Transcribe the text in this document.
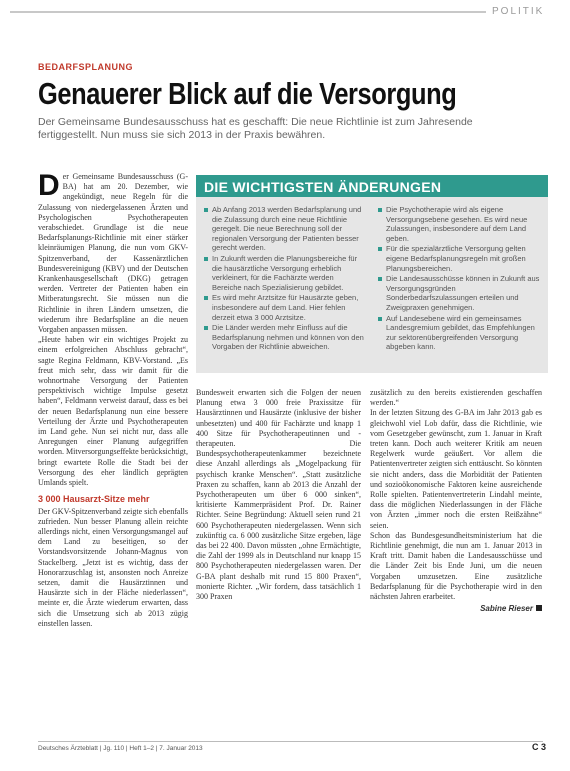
POLITIK
BEDARFSPLANUNG
Genauerer Blick auf die Versorgung
Der Gemeinsame Bundesausschuss hat es geschafft: Die neue Richtlinie ist zum Jahresende fertiggestellt. Nun muss sie sich 2013 in der Praxis bewähren.
D er Gemeinsame Bundesausschuss (G-BA) hat am 20. Dezember, wie angekündigt, neue Regeln für die Zulassung von niedergelassenen Ärzten und Psychologischen Psychotherapeuten verabschiedet. Grundlage ist die neue Bedarfsplanungs-Richtlinie mit einer stärker kleinräumigen Planung, die nun vom GKV-Spitzenverband, der Kassenärztlichen Bundesvereinigung (KBV) und der Deutschen Krankenhausgesellschaft (DKG) getragen werden. Vertreter der Patienten haben ein Mitberatungsrecht. Sie müssen nun die Richtlinie in ihren Ländern umsetzen, die wiederum ihre Bedarfspläne an die neuen Vorgaben anpassen müssen.

„Heute haben wir ein wichtiges Projekt zu einem erfolgreichen Abschluss gebracht“, sagte Regina Feldmann, KBV-Vorstand. „Es freut mich sehr, dass wir damit für die wohnortnahe Versorgung der Patienten perspektivisch wichtige Impulse gesetzt haben“, Feldmann verweist darauf, dass es bei der neuen Bedarfsplanung nun eine bessere Verteilung der Ärzte und Psychotherapeuten im Land gehe. Nun sei nicht nur, dass alle Anregungen einer Planung aufgegriffen worden. Mitversorgungseffekte berücksichtigt, bringt ewartete Rolle die Stadt bei der Versorgung des eher ländlich geprägten Umlands spielt.

3 000 Hausarzt-Sitze mehr

Der GKV-Spitzenverband zeigte sich ebenfalls zufrieden. Nun besser Planung allein reichte allerdings nicht, einen Versorgungsmangel auf dem Land zu beseitigen, so der Vorstandsvorsitzende Johann-Magnus von Stackelberg. „Jetzt ist es wichtig, dass der Honorarzuschlag ist, ansonsten noch Anreize setzen, damit die Hausärztinnen und Hausärzte sich in der Fläche niederlassen“, meinte er, die Ärzte wiederum erwarten, dass sich die Umsetzung sich ab 2013 zügig einstellen lassen.

DIE WICHTIGSTEN ÄNDERUNGEN
Ab Anfang 2013 werden Bedarfsplanung und die Zulassung durch eine neue Richtlinie geregelt. Die neue Berechnung soll der regionalen Versorgung der Patienten besser gerecht werden.
In Zukunft werden die Planungsbereiche für die hausärztliche Versorgung erheblich verkleinert, für die Fachärzte werden Bereiche nach Spezialisierung gebildet.
Es wird mehr Arztsitze für Hausärzte geben, insbesondere auf dem Land. Hier fehlen derzeit etwa 3 000 Arztsitze.
Die Länder werden mehr Einfluss auf die Bedarfsplanung nehmen und können von den Vorgaben der Richtlinie abweichen.
Die Psychotherapie wird als eigene Versorgungsebene gesehen. Es wird neue Zulassungen, insbesondere auf dem Land geben.
Für die spezialärztliche Versorgung gelten eigene Bedarfsplanungsregeln mit großen Planungsbereichen.
Die Landesausschüsse können in Zukunft aus Versorgungsgründen Sonderbedarfszulassungen erteilen und Zweigpraxen genehmigen.
Auf Landesebene wird ein gemeinsames Landesgremium gebildet, das Empfehlungen zur sektorenübergreifenden Versorgung abgeben kann.

Bundesweit erwarten sich die Folgen der neuen Planung etwa 3 000 freie Praxissitze für Hausärztinnen und Hausärzte (inklusive der bisher unbesetzten) und 400 für Fachärzte und knapp 1 400 Sitze für Psychotherapeutinnen und -therapeuten. Die Bundespsychotherapeutenkammer bezeichnete diese Anzahl allerdings als „Mogelpackung für psychisch kranke Menschen“. „Statt zusätzliche Praxen zu schaffen, kann ab 2013 die Anzahl der Psychotherapeuten um über 6 000 sinken“, kritisierte Kammerpräsident Prof. Dr. Rainer Richter. Seine Begründung: Aktuell seien rund 21 600 Psychotherapeuten niedergelassen. Wenn sich zukünftig ca. 6 000 zusätzliche Sitze ergeben, läge das bei 22 400. Davon müssten „ohne Ermächtigte, die Zahl der 1999 als in Deutschland nur knapp 15 800 Psychotherapeuten niedergelassen waren. Der G-BA plant deshalb mit rund 15 800 Praxen“, monierte Richter. „Wir fordern, dass tatsächlich 1 300 Praxen

zusätzlich zu den bereits existierenden geschaffen werden.“

In der letzten Sitzung des G-BA im Jahr 2013 gab es gleichwohl viel Lob dafür, dass die Richtlinie, wie vom Gesetzgeber gewünscht, zum 1. Januar in Kraft treten kann. Doch auch weiterer Kritik am neuen Regelwerk wurde geäußert. Vor allem die Patientenvertreter zeigten sich enttäuscht. So könnten sie nicht anders, dass die Morbidität der Patienten und sozioökonomische Faktoren keine ausreichende Rolle spielten. Patientenvertreterin Lindahl meinte, dass die möglichen Niederlassungen in der Fläche von Ärzten „immer noch die ersten Reißzähne“ seien.

Schon das Bundesgesundheitsministerium hat die Richtlinie genehmigt, die nun am 1. Januar 2013 in Kraft tritt. Damit haben die Landesausschüsse und die Länder Zeit bis Ende Juni, um die neuen Vorgaben umzusetzen. Eine zusätzliche Bedarfsplanung für die Psychotherapie wird in den nächsten Jahren erarbeitet.

Sabine Rieser

Deutsches Ärzteblatt | Jg. 110 | Heft 1–2 | 7. Januar 2013	C 3
